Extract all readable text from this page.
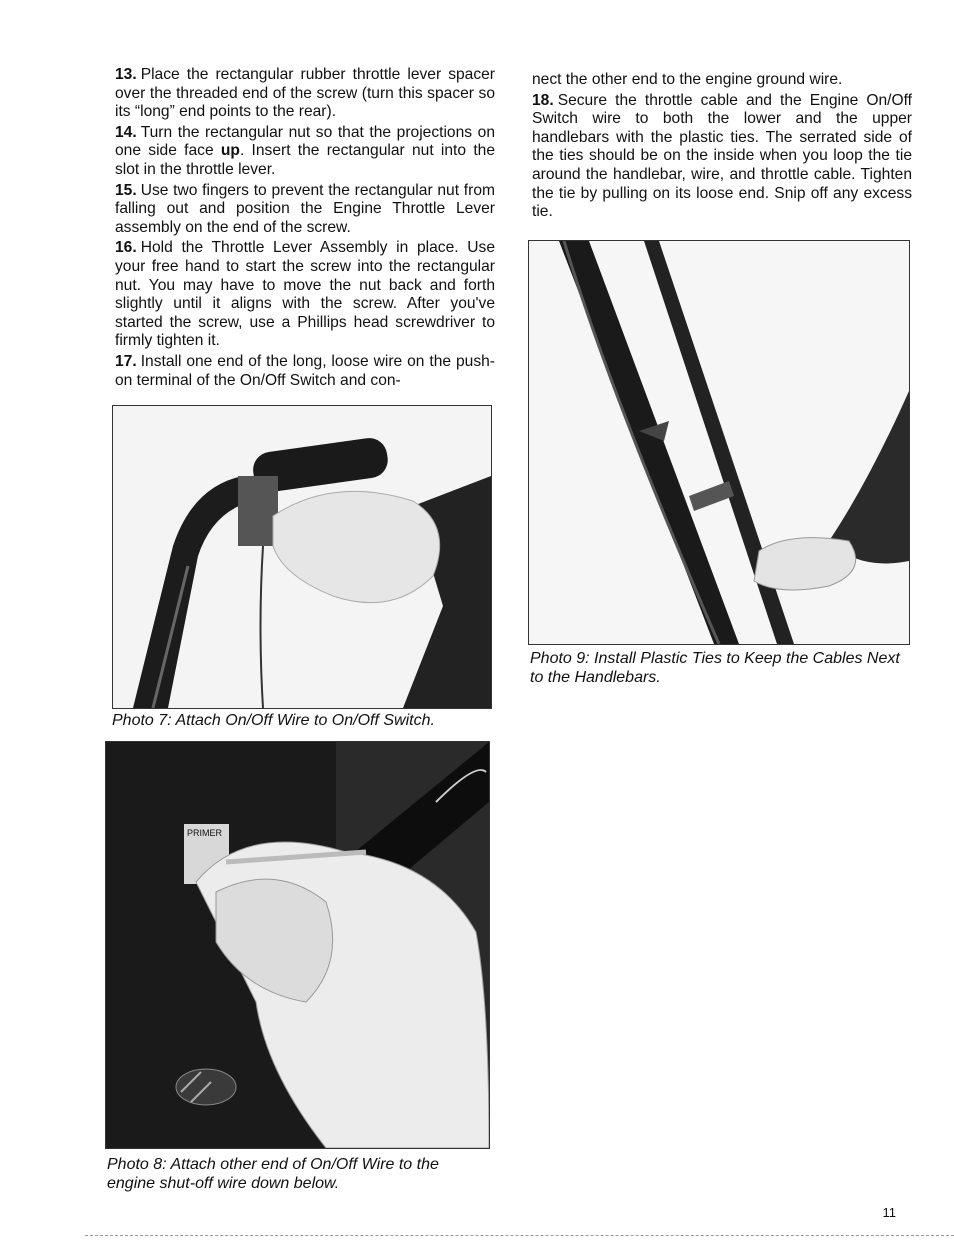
13. Place the rectangular rubber throttle lever spacer over the threaded end of the screw (turn this spacer so its “long” end points to the rear).

14. Turn the rectangular nut so that the projections on one side face up. Insert the rectangular nut into the slot in the throttle lever.

15. Use two fingers to prevent the rectangular nut from falling out and position the Engine Throttle Lever assembly on the end of the screw.

16. Hold the Throttle Lever Assembly in place. Use your free hand to start the screw into the rectangular nut. You may have to move the nut back and forth slightly until it aligns with the screw. After you've started the screw, use a Phillips head screwdriver to firmly tighten it.

17. Install one end of the long, loose wire on the push-on terminal of the On/Off Switch and con-

nect the other end to the engine ground wire.

18. Secure the throttle cable and the Engine On/Off Switch wire to both the lower and the upper handlebars with the plastic ties. The serrated side of the ties should be on the inside when you loop the tie around the handlebar, wire, and throttle cable. Tighten the tie by pulling on its loose end. Snip off any excess tie.

Photo 7: Attach On/Off Wire to On/Off Switch.
PRIMER
Photo 8: Attach other end of On/Off Wire to the engine shut-off wire down below.
Photo 9: Install Plastic Ties to Keep the Cables Next to the Handlebars.
11
